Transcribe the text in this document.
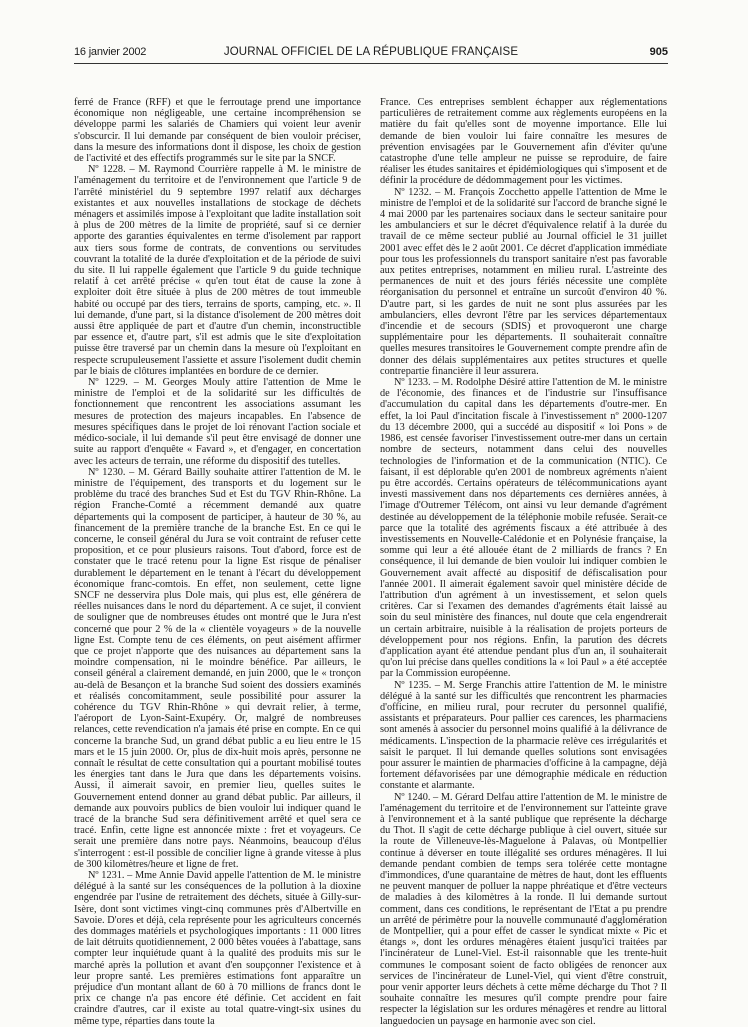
16 janvier 2002	JOURNAL OFFICIEL DE LA RÉPUBLIQUE FRANÇAISE	905

ferré de France (RFF) et que le ferroutage prend une importance économique non négligeable, une certaine incompréhension se développe parmi les salariés de Chamiers qui voient leur avenir s'obscurcir. Il lui demande par conséquent de bien vouloir préciser, dans la mesure des informations dont il dispose, les choix de gestion de l'activité et des effectifs programmés sur le site par la SNCF.

Nº 1228. – M. Raymond Courrière rappelle à M. le ministre de l'aménagement du territoire et de l'environnement que l'article 9 de l'arrêté ministériel du 9 septembre 1997 relatif aux décharges existantes et aux nouvelles installations de stockage de déchets ménagers et assimilés impose à l'exploitant que ladite installation soit à plus de 200 mètres de la limite de propriété, sauf si ce dernier apporte des garanties équivalentes en terme d'isolement par rapport aux tiers sous forme de contrats, de conventions ou servitudes couvrant la totalité de la durée d'exploitation et de la période de suivi du site. Il lui rappelle également que l'article 9 du guide technique relatif à cet arrêté précise « qu'en tout état de cause la zone à exploiter doit être située à plus de 200 mètres de tout immeuble habité ou occupé par des tiers, terrains de sports, camping, etc. ». Il lui demande, d'une part, si la distance d'isolement de 200 mètres doit aussi être appliquée de part et d'autre d'un chemin, inconstructible par essence et, d'autre part, s'il est admis que le site d'exploitation puisse être traversé par un chemin dans la mesure où l'exploitant en respecte scrupuleusement l'assiette et assure l'isolement dudit chemin par le biais de clôtures implantées en bordure de ce dernier.

Nº 1229. – M. Georges Mouly attire l'attention de Mme le ministre de l'emploi et de la solidarité sur les difficultés de fonctionnement que rencontrent les associations assumant les mesures de protection des majeurs incapables. En l'absence de mesures spécifiques dans le projet de loi rénovant l'action sociale et médico-sociale, il lui demande s'il peut être envisagé de donner une suite au rapport d'enquête « Favard », et d'engager, en concertation avec les acteurs de terrain, une réforme du dispositif des tutelles.

Nº 1230. – M. Gérard Bailly souhaite attirer l'attention de M. le ministre de l'équipement, des transports et du logement sur le problème du tracé des branches Sud et Est du TGV Rhin-Rhône. La région Franche-Comté a récemment demandé aux quatre départements qui la composent de participer, à hauteur de 30 %, au financement de la première tranche de la branche Est. En ce qui le concerne, le conseil général du Jura se voit contraint de refuser cette proposition, et ce pour plusieurs raisons. Tout d'abord, force est de constater que le tracé retenu pour la ligne Est risque de pénaliser durablement le département en le tenant à l'écart du développement économique franc-comtois. En effet, non seulement, cette ligne SNCF ne desservira plus Dole mais, qui plus est, elle générera de réelles nuisances dans le nord du département. A ce sujet, il convient de souligner que de nombreuses études ont montré que le Jura n'est concerné que pour 2 % de la « clientèle voyageurs » de la nouvelle ligne Est. Compte tenu de ces éléments, on peut aisément affirmer que ce projet n'apporte que des nuisances au département sans la moindre compensation, ni le moindre bénéfice. Par ailleurs, le conseil général a clairement demandé, en juin 2000, que le « tronçon au-delà de Besançon et la branche Sud soient des dossiers examinés et réalisés concomitamment, seule possibilité pour assurer la cohérence du TGV Rhin-Rhône » qui devrait relier, à terme, l'aéroport de Lyon-Saint-Exupéry. Or, malgré de nombreuses relances, cette revendication n'a jamais été prise en compte. En ce qui concerne la branche Sud, un grand débat public a eu lieu entre le 15 mars et le 15 juin 2000. Or, plus de dix-huit mois après, personne ne connaît le résultat de cette consultation qui a pourtant mobilisé toutes les énergies tant dans le Jura que dans les départements voisins. Aussi, il aimerait savoir, en premier lieu, quelles suites le Gouvernement entend donner au grand débat public. Par ailleurs, il demande aux pouvoirs publics de bien vouloir lui indiquer quand le tracé de la branche Sud sera définitivement arrêté et quel sera ce tracé. Enfin, cette ligne est annoncée mixte : fret et voyageurs. Ce serait une première dans notre pays. Néanmoins, beaucoup d'élus s'interrogent : est-il possible de concilier ligne à grande vitesse à plus de 300 kilomètres/heure et ligne de fret.

Nº 1231. – Mme Annie David appelle l'attention de M. le ministre délégué à la santé sur les conséquences de la pollution à la dioxine engendrée par l'usine de retraitement des déchets, située à Gilly-sur-Isère, dont sont victimes vingt-cinq communes près d'Albertville en Savoie. D'ores et déjà, cela représente pour les agriculteurs concernés des dommages matériels et psychologiques importants : 11 000 litres de lait détruits quotidiennement, 2 000 bêtes vouées à l'abattage, sans compter leur inquiétude quant à la qualité des produits mis sur le marché après la pollution et avant d'en soupçonner l'existence et à leur propre santé. Les premières estimations font apparaître un préjudice d'un montant allant de 60 à 70 millions de francs dont le prix ce change n'a pas encore été définie. Cet accident en fait craindre d'autres, car il existe au total quatre-vingt-six usines du même type, réparties dans toute la

France. Ces entreprises semblent échapper aux réglementations particulières de retraitement comme aux règlements européens en la matière du fait qu'elles sont de moyenne importance. Elle lui demande de bien vouloir lui faire connaître les mesures de prévention envisagées par le Gouvernement afin d'éviter qu'une catastrophe d'une telle ampleur ne puisse se reproduire, de faire réaliser les études sanitaires et épidémiologiques qui s'imposent et de définir la procédure de dédommagement pour les victimes.

Nº 1232. – M. François Zocchetto appelle l'attention de Mme le ministre de l'emploi et de la solidarité sur l'accord de branche signé le 4 mai 2000 par les partenaires sociaux dans le secteur sanitaire pour les ambulanciers et sur le décret d'équivalence relatif à la durée du travail de ce même secteur publié au Journal officiel le 31 juillet 2001 avec effet dès le 2 août 2001. Ce décret d'application immédiate pour tous les professionnels du transport sanitaire n'est pas favorable aux petites entreprises, notamment en milieu rural. L'astreinte des permanences de nuit et des jours fériés nécessite une complète réorganisation du personnel et entraîne un surcoût d'environ 40 %. D'autre part, si les gardes de nuit ne sont plus assurées par les ambulanciers, elles devront l'être par les services départementaux d'incendie et de secours (SDIS) et provoqueront une charge supplémentaire pour les départements. Il souhaiterait connaître quelles mesures transitoires le Gouvernement compte prendre afin de donner des délais supplémentaires aux petites structures et quelle contrepartie financière il leur assurera.

Nº 1233. – M. Rodolphe Désiré attire l'attention de M. le ministre de l'économie, des finances et de l'industrie sur l'insuffisance d'accumulation du capital dans les départements d'outre-mer. En effet, la loi Paul d'incitation fiscale à l'investissement nº 2000-1207 du 13 décembre 2000, qui a succédé au dispositif « loi Pons » de 1986, est censée favoriser l'investissement outre-mer dans un certain nombre de secteurs, notamment dans celui des nouvelles technologies de l'information et de la communication (NTIC). Ce faisant, il est déplorable qu'en 2001 de nombreux agréments n'aient pu être accordés. Certains opérateurs de télécommunications ayant investi massivement dans nos départements ces dernières années, à l'image d'Outremer Télécom, ont ainsi vu leur demande d'agrément destinée au développement de la téléphonie mobile refusée. Serait-ce parce que la totalité des agréments fiscaux a été attribuée à des investissements en Nouvelle-Calédonie et en Polynésie française, la somme qui leur a été allouée étant de 2 milliards de francs ? En conséquence, il lui demande de bien vouloir lui indiquer combien le Gouvernement avait affecté au dispositif de défiscalisation pour l'année 2001. Il aimerait également savoir quel ministère décide de l'attribution d'un agrément à un investissement, et selon quels critères. Car si l'examen des demandes d'agréments était laissé au soin du seul ministère des finances, nul doute que cela engendrerait un certain arbitraire, nuisible à la réalisation de projets porteurs de développement pour nos régions. Enfin, la parution des décrets d'application ayant été attendue pendant plus d'un an, il souhaiterait qu'on lui précise dans quelles conditions la « loi Paul » a été acceptée par la Commission européenne.

Nº 1235. – M. Serge Franchis attire l'attention de M. le ministre délégué à la santé sur les difficultés que rencontrent les pharmacies d'officine, en milieu rural, pour recruter du personnel qualifié, assistants et préparateurs. Pour pallier ces carences, les pharmaciens sont amenés à associer du personnel moins qualifié à la délivrance de médicaments. L'inspection de la pharmacie relève ces irrégularités et saisit le parquet. Il lui demande quelles solutions sont envisagées pour assurer le maintien de pharmacies d'officine à la campagne, déjà fortement défavorisées par une démographie médicale en réduction constante et alarmante.

Nº 1240. – M. Gérard Delfau attire l'attention de M. le ministre de l'aménagement du territoire et de l'environnement sur l'atteinte grave à l'environnement et à la santé publique que représente la décharge du Thot. Il s'agit de cette décharge publique à ciel ouvert, située sur la route de Villeneuve-lès-Maguelone à Palavas, où Montpellier continue à déverser en toute illégalité ses ordures ménagères. Il lui demande pendant combien de temps sera tolérée cette montagne d'immondices, d'une quarantaine de mètres de haut, dont les effluents ne peuvent manquer de polluer la nappe phréatique et d'être vecteurs de maladies à des kilomètres à la ronde. Il lui demande surtout comment, dans ces conditions, le représentant de l'Etat a pu prendre un arrêté de périmètre pour la nouvelle communauté d'agglomération de Montpellier, qui a pour effet de casser le syndicat mixte « Pic et étangs », dont les ordures ménagères étaient jusqu'ici traitées par l'incinérateur de Lunel-Viel. Est-il raisonnable que les trente-huit communes le composant soient de facto obligées de renoncer aux services de l'incinérateur de Lunel-Viel, qui vient d'être construit, pour venir apporter leurs déchets à cette même décharge du Thot ? Il souhaite connaître les mesures qu'il compte prendre pour faire respecter la législation sur les ordures ménagères et rendre au littoral languedocien un paysage en harmonie avec son ciel.
